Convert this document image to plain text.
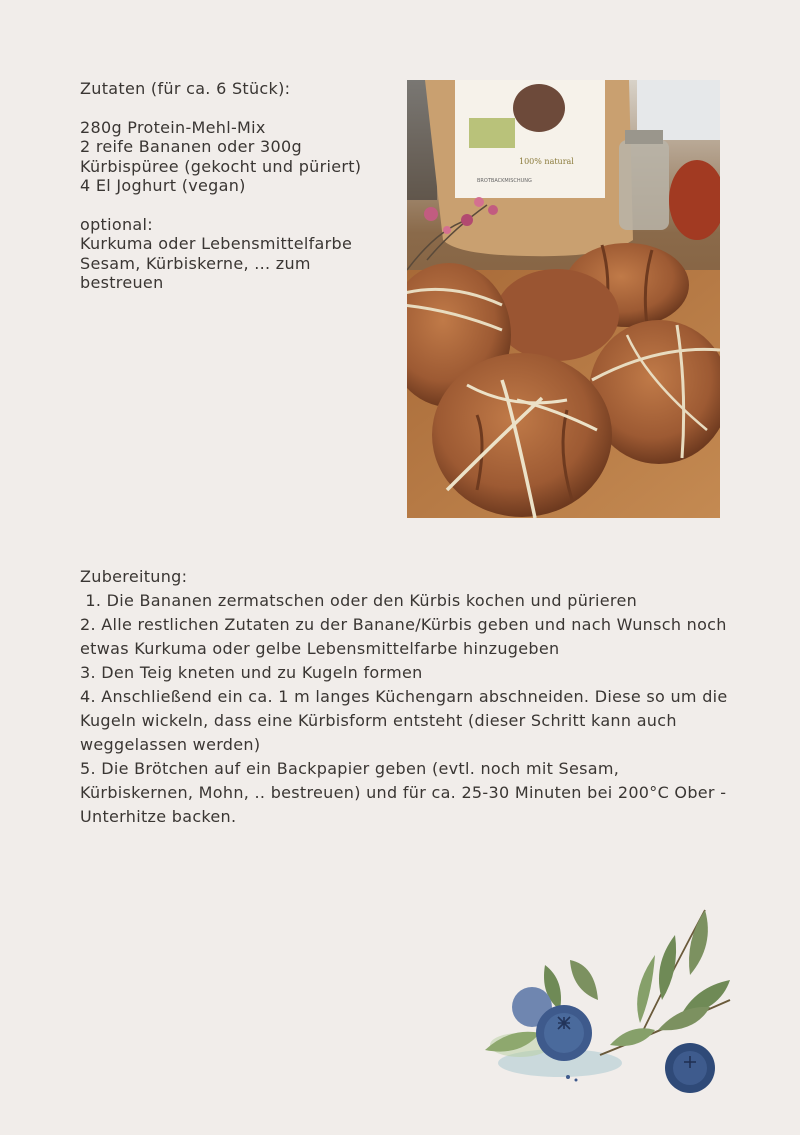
Zutaten (für ca. 6 Stück):
280g Protein-Mehl-Mix
2 reife Bananen oder 300g
Kürbispüree (gekocht und püriert)
4 El Joghurt (vegan)
optional:
Kurkuma oder Lebensmittelfarbe
Sesam, Kürbiskerne, ... zum
bestreuen
100% natural
BROTBACKMISCHUNG
Zubereitung:
1. Die Bananen zermatschen oder den Kürbis kochen und pürieren
2. Alle restlichen Zutaten zu der Banane/Kürbis geben und nach Wunsch noch etwas Kurkuma oder gelbe Lebensmittelfarbe hinzugeben
3. Den Teig kneten und zu Kugeln formen
4. Anschließend ein ca. 1 m langes Küchengarn abschneiden. Diese so um die Kugeln wickeln, dass eine Kürbisform entsteht (dieser Schritt kann auch weggelassen werden)
5. Die Brötchen auf ein Backpapier geben (evtl. noch mit Sesam, Kürbiskernen, Mohn, .. bestreuen) und für ca. 25-30 Minuten bei 200°C Ober -Unterhitze backen.
